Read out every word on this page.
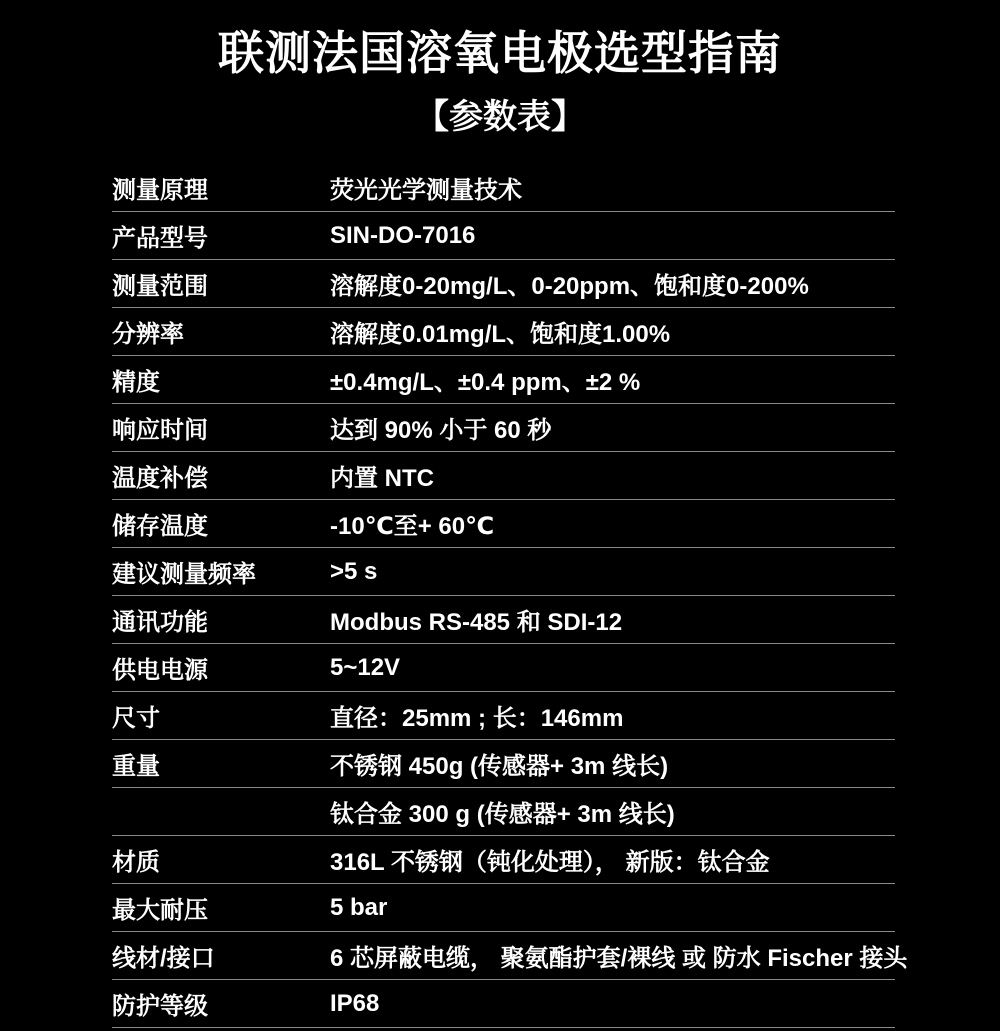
联测法国溶氧电极选型指南
【参数表】
测量原理	荧光光学测量技术
产品型号	SIN-DO-7016
测量范围	溶解度0-20mg/L、0-20ppm、饱和度0-200%
分辨率	溶解度0.01mg/L、饱和度1.00%
精度	±0.4mg/L、±0.4 ppm、±2 %
响应时间	达到 90% 小于 60 秒
温度补偿	内置 NTC
储存温度	-10℃至+ 60℃
建议测量频率	>5 s
通讯功能	Modbus RS-485 和 SDI-12
供电电源	5~12V
尺寸	直径：25mm ; 长：146mm
重量	不锈钢 450g (传感器+ 3m 线长)
钛合金 300 g (传感器+ 3m 线长)
材质	316L 不锈钢（钝化处理）， 新版：钛合金
最大耐压	5 bar
线材/接口	6 芯屏蔽电缆， 聚氨酯护套/裸线 或 防水 Fischer 接头
防护等级	IP68
